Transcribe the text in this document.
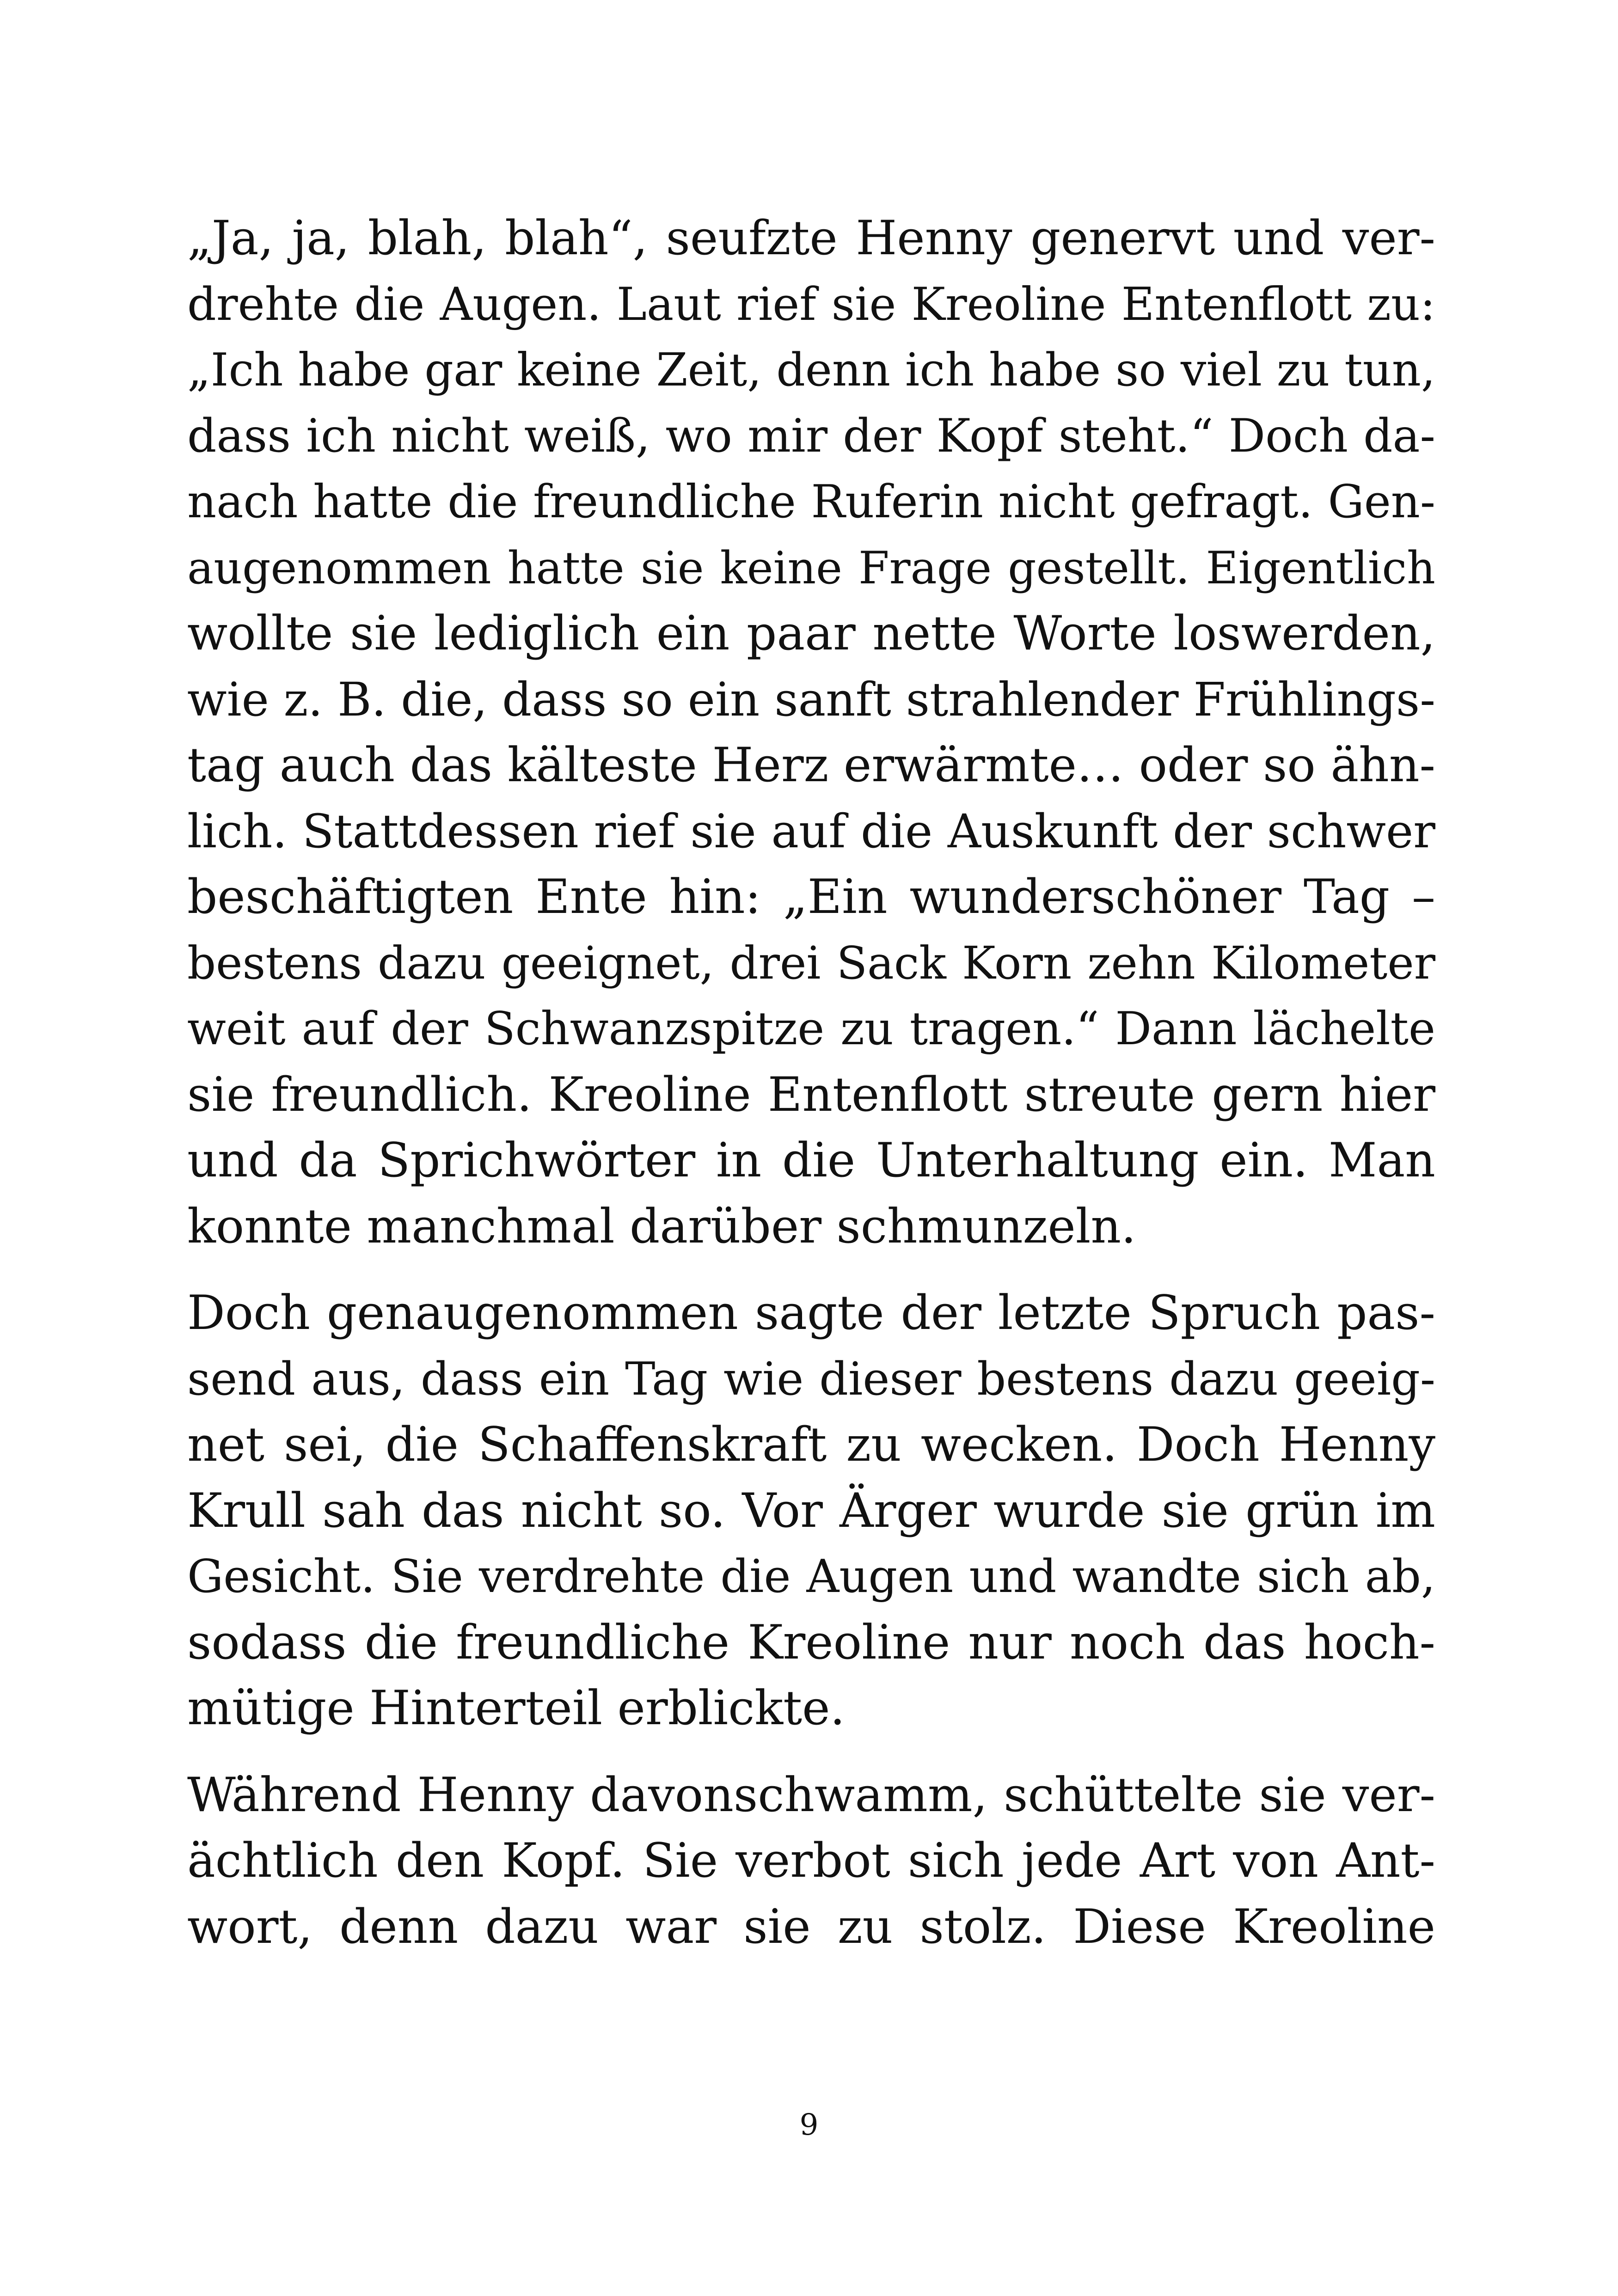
„Ja, ja, blah, blah“, seufzte Henny genervt und ver-
drehte die Augen. Laut rief sie Kreoline Entenflott zu:
„Ich habe gar keine Zeit, denn ich habe so viel zu tun,
dass ich nicht weiß, wo mir der Kopf steht.“ Doch da-
nach hatte die freundliche Ruferin nicht gefragt. Gen-
augenommen hatte sie keine Frage gestellt. Eigentlich
wollte sie lediglich ein paar nette Worte loswerden,
wie z. B. die, dass so ein sanft strahlender Frühlings-
tag auch das kälteste Herz erwärmte… oder so ähn-
lich. Stattdessen rief sie auf die Auskunft der schwer
beschäftigten Ente hin: „Ein wunderschöner Tag –
bestens dazu geeignet, drei Sack Korn zehn Kilometer
weit auf der Schwanzspitze zu tragen.“ Dann lächelte
sie freundlich. Kreoline Entenflott streute gern hier
und da Sprichwörter in die Unterhaltung ein. Man
konnte manchmal darüber schmunzeln.
Doch genaugenommen sagte der letzte Spruch pas-
send aus, dass ein Tag wie dieser bestens dazu geeig-
net sei, die Schaffenskraft zu wecken. Doch Henny
Krull sah das nicht so. Vor Ärger wurde sie grün im
Gesicht. Sie verdrehte die Augen und wandte sich ab,
sodass die freundliche Kreoline nur noch das hoch-
mütige Hinterteil erblickte.
Während Henny davonschwamm, schüttelte sie ver-
ächtlich den Kopf. Sie verbot sich jede Art von Ant-
wort, denn dazu war sie zu stolz. Diese Kreoline
9
